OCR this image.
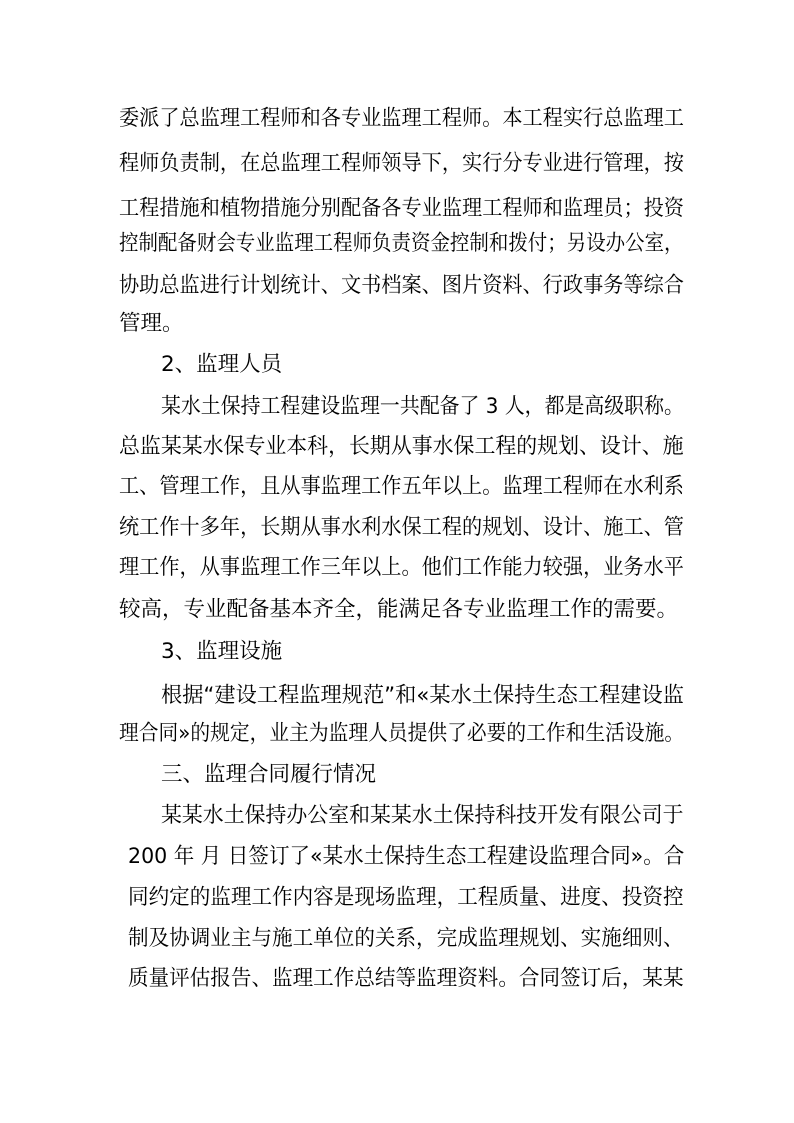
委派了总监理工程师和各专业监理工程师。本工程实行总监理工
程师负责制，在总监理工程师领导下，实行分专业进行管理，按
工程措施和植物措施分别配备各专业监理工程师和监理员；投资
控制配备财会专业监理工程师负责资金控制和拨付；另设办公室，
协助总监进行计划统计、文书档案、图片资料、行政事务等综合
管理。
2、监理人员
某水土保持工程建设监理一共配备了 3 人，都是高级职称。
总监某某水保专业本科，长期从事水保工程的规划、设计、施
工、管理工作，且从事监理工作五年以上。监理工程师在水利系
统工作十多年，长期从事水利水保工程的规划、设计、施工、管
理工作，从事监理工作三年以上。他们工作能力较强，业务水平
较高，专业配备基本齐全，能满足各专业监理工作的需要。
3、监理设施
根据“建设工程监理规范”和«某水土保持生态工程建设监
理合同»的规定，业主为监理人员提供了必要的工作和生活设施。
三、监理合同履行情况
某某水土保持办公室和某某水土保持科技开发有限公司于
200 年 月 日签订了«某水土保持生态工程建设监理合同»。合
同约定的监理工作内容是现场监理，工程质量、进度、投资控
制及协调业主与施工单位的关系，完成监理规划、实施细则、
质量评估报告、监理工作总结等监理资料。合同签订后，某某
